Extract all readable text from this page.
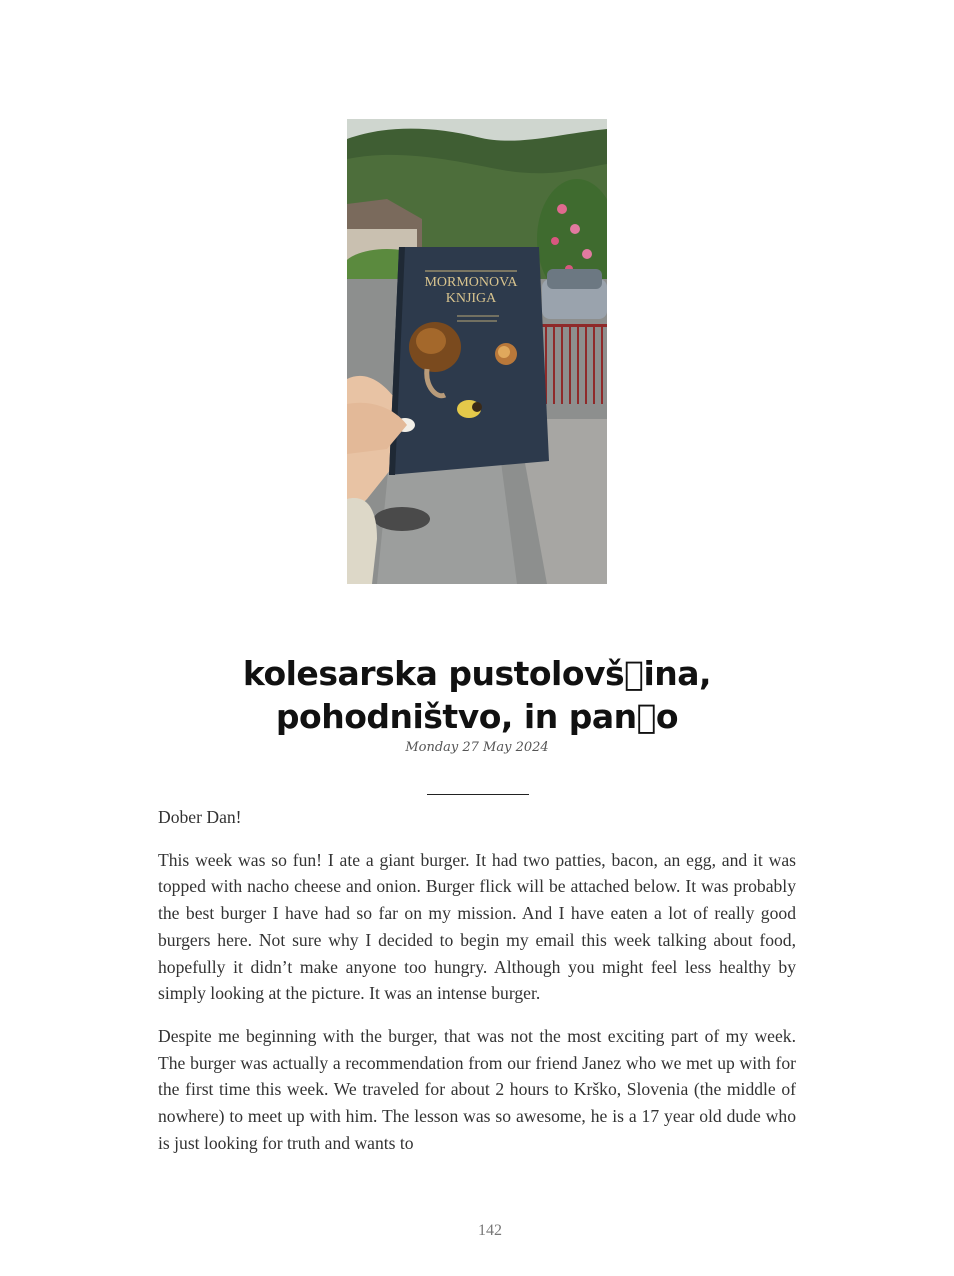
MORMONOVA
KNJIGA
kolesarska pustolovš ina,
pohodništvo, in pan o
Monday 27 May 2024

Dober Dan!

This week was so fun! I ate a giant burger. It had two patties, bacon, an egg, and it was topped with nacho cheese and onion. Burger flick will be attached below. It was probably the best burger I have had so far on my mission. And I have eaten a lot of really good burgers here. Not sure why I decided to begin my email this week talking about food, hopefully it didn’t make anyone too hungry. Although you might feel less healthy by simply looking at the picture. It was an intense burger.

Despite me beginning with the burger, that was not the most exciting part of my week. The burger was actually a recommendation from our friend Janez who we met up with for the first time this week. We traveled for about 2 hours to Krško, Slovenia (the middle of nowhere) to meet up with him. The lesson was so awesome, he is a 17 year old dude who is just looking for truth and wants to

142
